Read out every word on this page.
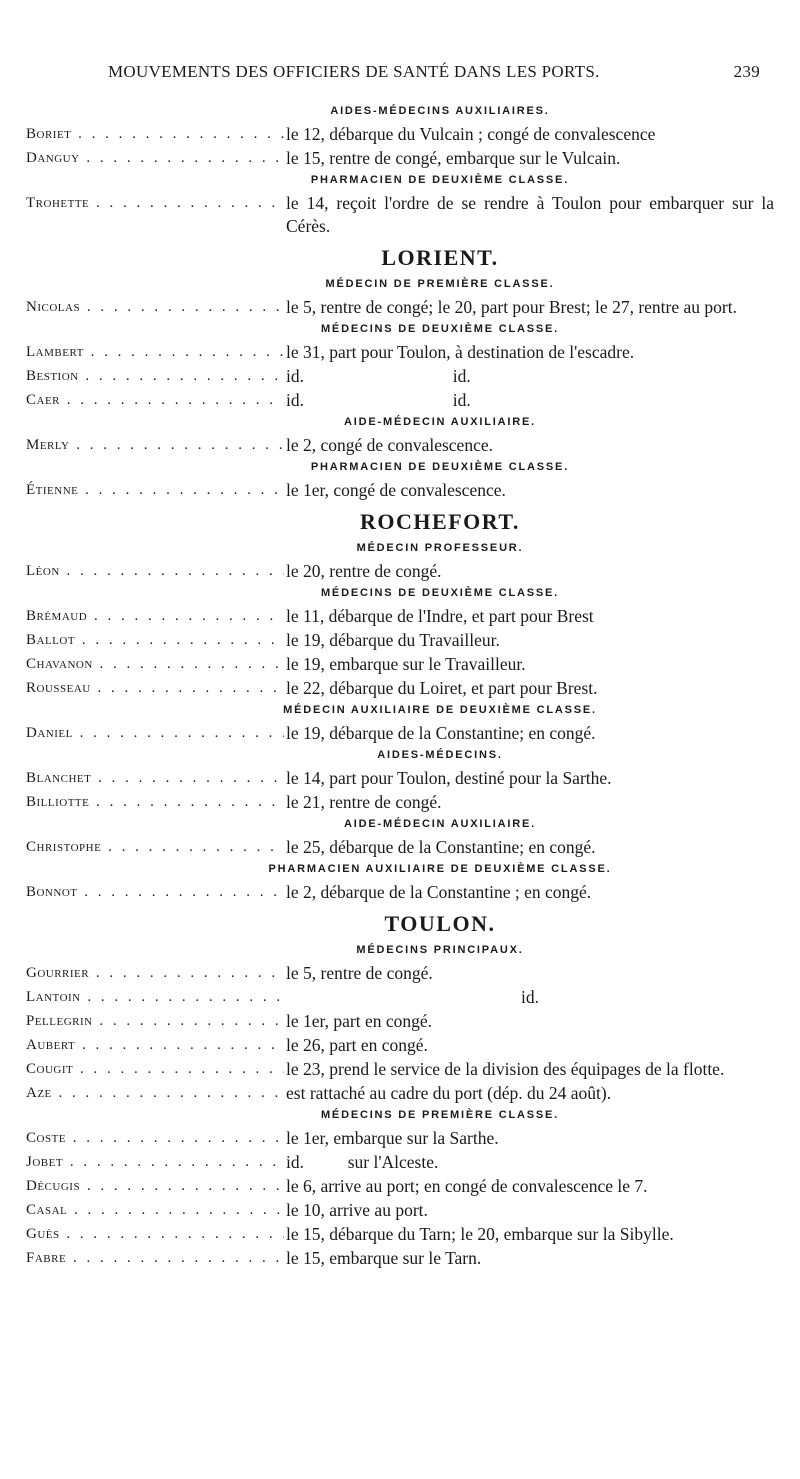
MOUVEMENTS DES OFFICIERS DE SANTÉ DANS LES PORTS.	239
AIDES-MÉDECINS AUXILIAIRES.
Boriet . . .	le 12, débarque du Vulcain ; congé de convalescence
Danguy . . .	le 15, rentre de congé, embarque sur le Vulcain.
PHARMACIEN DE DEUXIÈME CLASSE.
Trohette . . .	le 14, reçoit l'ordre de se rendre à Toulon pour embarquer sur la Cérès.
LORIENT.
MÉDECIN DE PREMIÈRE CLASSE.
Nicolas . . .	le 5, rentre de congé; le 20, part pour Brest; le 27, rentre au port.
MÉDECINS DE DEUXIÈME CLASSE.
Lambert . . .	le 31, part pour Toulon, à destination de l'escadre.
Bestion . . .	id.                                  id.
Caer . . .	id.                                  id.
AIDE-MÉDECIN AUXILIAIRE.
Merly . . .	le 2, congé de convalescence.
PHARMACIEN DE DEUXIÈME CLASSE.
Étienne . . .	le 1er, congé de convalescence.
ROCHEFORT.
MÉDECIN PROFESSEUR.
Léon . . .	le 20, rentre de congé.
MÉDECINS DE DEUXIÈME CLASSE.
Brémaud . . .	le 11, débarque de l'Indre, et part pour Brest
Ballot . . .	le 19, débarque du Travailleur.
Chavanon . . .	le 19, embarque sur le Travailleur.
Rousseau . . .	le 22, débarque du Loiret, et part pour Brest.
MÉDECIN AUXILIAIRE DE DEUXIÈME CLASSE.
Daniel . . .	le 19, débarque de la Constantine; en congé.
AIDES-MÉDECINS.
Blanchet . . .	le 14, part pour Toulon, destiné pour la Sarthe.
Billiotte . . .	le 21, rentre de congé.
AIDE-MÉDECIN AUXILIAIRE.
Christophe . . .	le 25, débarque de la Constantine; en congé.
PHARMACIEN AUXILIAIRE DE DEUXIÈME CLASSE.
Bonnot . . .	le 2, débarque de la Constantine ; en congé.
TOULON.
MÉDECINS PRINCIPAUX.
Gourrier . . .	le 5, rentre de congé.
Lantoin . . .	id.
Pellegrin . . .	le 1er, part en congé.
Aubert . . .	le 26, part en congé.
Cougit . . .	le 23, prend le service de la division des équipages de la flotte.
Aze . . .	est rattaché au cadre du port (dép. du 24 août).
MÉDECINS DE PREMIÈRE CLASSE.
Coste . . .	le 1er, embarque sur la Sarthe.
Jobet . . .	id.          sur l'Alceste.
Décugis . . .	le 6, arrive au port; en congé de convalescence le 7.
Casal . . .	le 10, arrive au port.
Guès . . .	le 15, débarque du Tarn; le 20, embarque sur la Sibylle.
Fabre . . .	le 15, embarque sur le Tarn.
